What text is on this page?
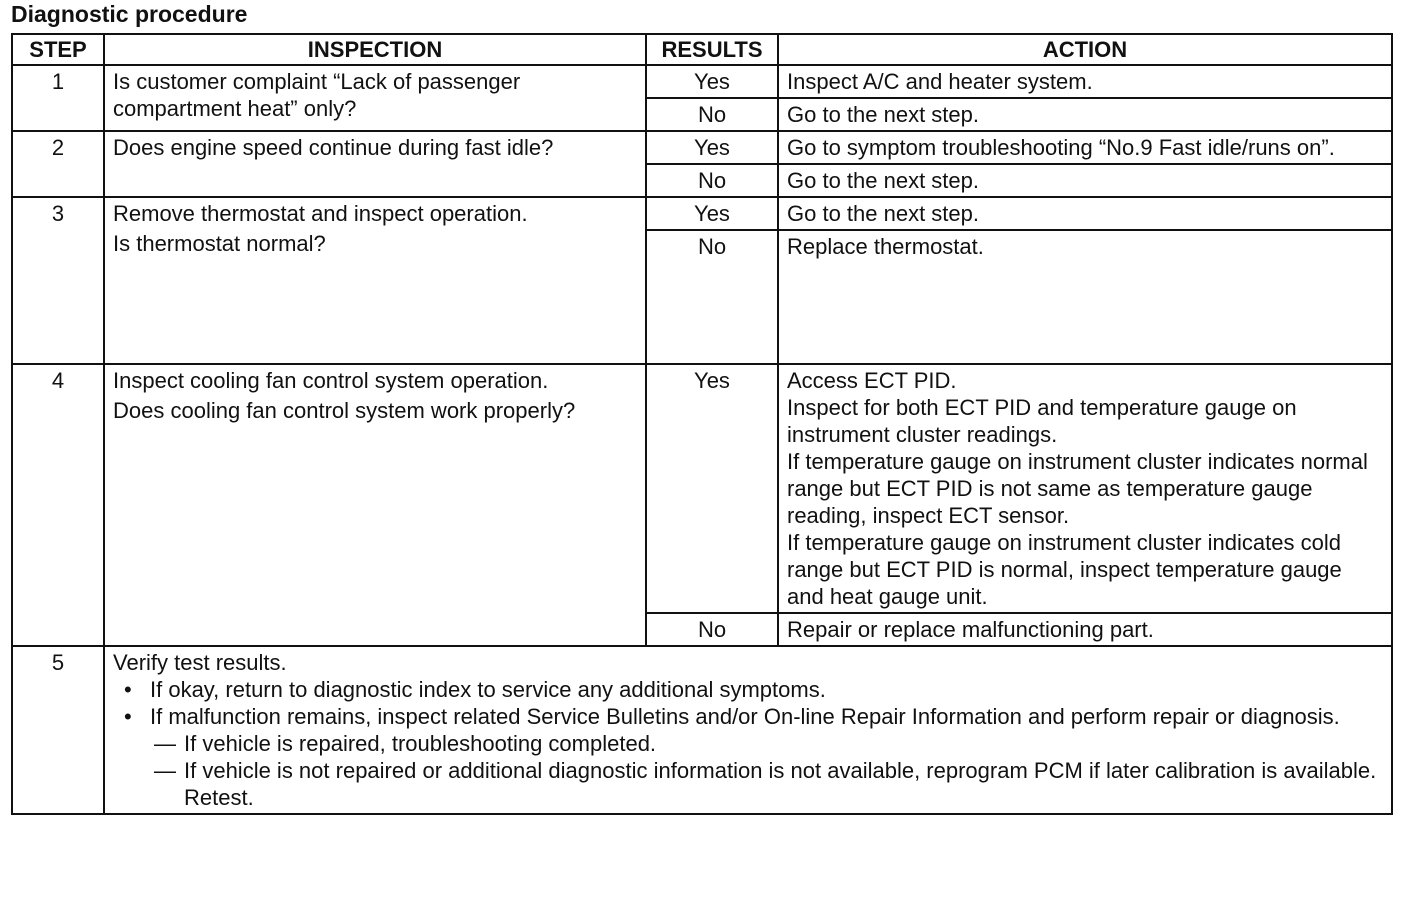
Diagnostic procedure
STEP	INSPECTION	RESULTS	ACTION
1	Is customer complaint “Lack of passenger compartment heat” only?	Yes	Inspect A/C and heater system.

		No	Go to the next step.

2	Does engine speed continue during fast idle?	Yes	Go to symptom troubleshooting “No.9 Fast idle/runs on”.

		No	Go to the next step.

3	Remove thermostat and inspect operation.
Is thermostat normal?	Yes	Go to the next step.

		No	Replace thermostat.

4	Inspect cooling fan control system operation.
Does cooling fan control system work properly?	Yes	Access ECT PID.
Inspect for both ECT PID and temperature gauge on instrument cluster readings.
If temperature gauge on instrument cluster indicates normal range but ECT PID is not same as temperature gauge reading, inspect ECT sensor.
If temperature gauge on instrument cluster indicates cold range but ECT PID is normal, inspect temperature gauge and heat gauge unit.

		No	Repair or replace malfunctioning part.

5	Verify test results.
• If okay, return to diagnostic index to service any additional symptoms.
• If malfunction remains, inspect related Service Bulletins and/or On-line Repair Information and perform repair or diagnosis.
— If vehicle is repaired, troubleshooting completed.
— If vehicle is not repaired or additional diagnostic information is not available, reprogram PCM if later calibration is available. Retest.		
